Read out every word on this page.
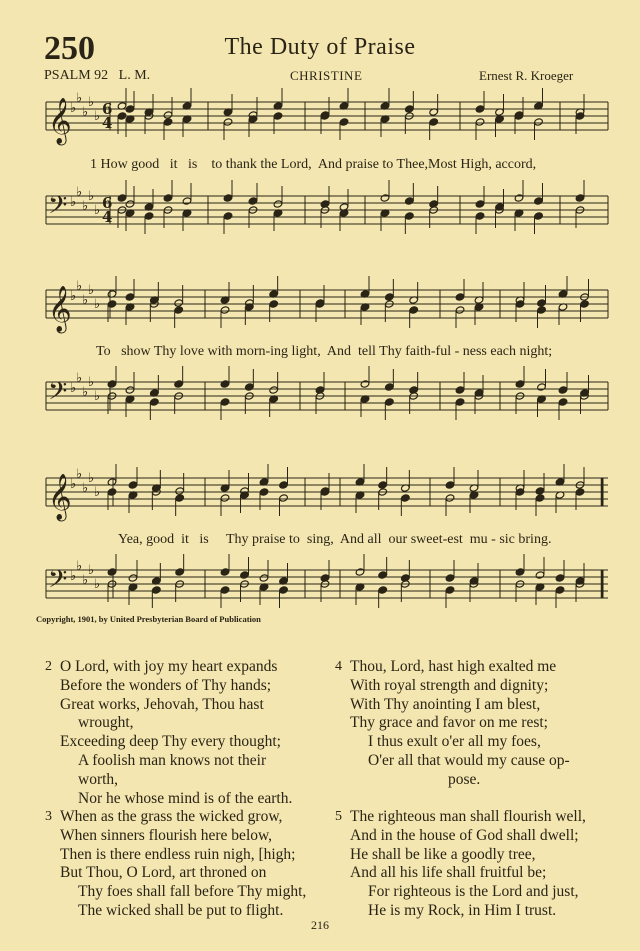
250	The Duty of Praise
PSALM 92   L. M.	CHRISTINE	Ernest R. Kroeger
𝄞
𝄢
♭
♭
♭
♭
♭
♭
♭
♭
♭
♭
6
4
6
4
𝄞
𝄢
♭
♭
♭
♭
♭
♭
♭
♭
♭
♭
𝄞
𝄢
♭
♭
♭
♭
♭
♭
♭
♭
♭
♭
1 How good   it   is    to thank the Lord,  And praise to Thee,Most High, accord,
To   show Thy love with morn-ing light,  And  tell Thy faith-ful - ness each night;
Yea, good  it   is     Thy praise to  sing,  And all  our sweet-est  mu - sic bring.
Copyright, 1901, by United Presbyterian Board of Publication
2 O Lord, with joy my heart expands
Before the wonders of Thy hands;
Great works, Jehovah, Thou hast
wrought,
Exceeding deep Thy every thought;
A foolish man knows not their
worth,
Nor he whose mind is of the earth.
4 Thou, Lord, hast high exalted me
With royal strength and dignity;
With Thy anointing I am blest,
Thy grace and favor on me rest;
I thus exult o'er all my foes,
O'er all that would my cause op-
pose.
3 When as the grass the wicked grow,
When sinners flourish here below,
Then is there endless ruin nigh, [high;
But Thou, O Lord, art throned on
Thy foes shall fall before Thy might,
The wicked shall be put to flight.
5 The righteous man shall flourish well,
And in the house of God shall dwell;
He shall be like a goodly tree,
And all his life shall fruitful be;
For righteous is the Lord and just,
He is my Rock, in Him I trust.
216
